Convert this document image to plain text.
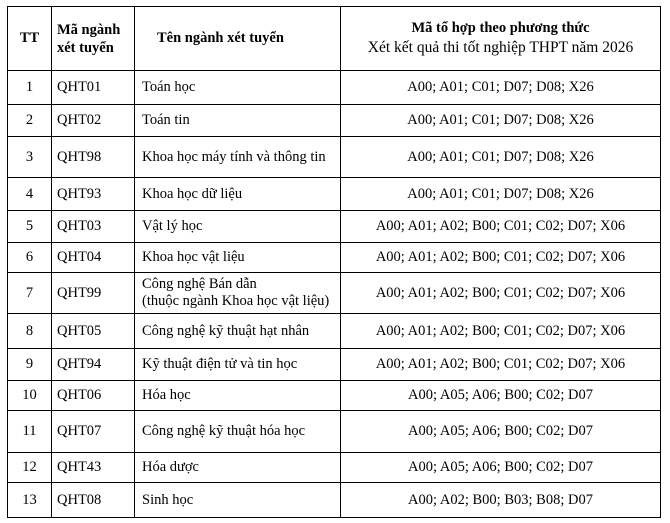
TT	Mã ngành xét tuyển	Tên ngành xét tuyển	Mã tổ hợp theo phương thức
Xét kết quả thi tốt nghiệp THPT năm 2026

1	QHT01	Toán học	A00; A01; C01; D07; D08; X26
2	QHT02	Toán tin	A00; A01; C01; D07; D08; X26
3	QHT98	Khoa học máy tính và thông tin	A00; A01; C01; D07; D08; X26
4	QHT93	Khoa học dữ liệu	A00; A01; C01; D07; D08; X26
5	QHT03	Vật lý học	A00; A01; A02; B00; C01; C02; D07; X06
6	QHT04	Khoa học vật liệu	A00; A01; A02; B00; C01; C02; D07; X06
7	QHT99	Công nghệ Bán dẫn
(thuộc ngành Khoa học vật liệu)	A00; A01; A02; B00; C01; C02; D07; X06
8	QHT05	Công nghệ kỹ thuật hạt nhân	A00; A01; A02; B00; C01; C02; D07; X06
9	QHT94	Kỹ thuật điện tử và tin học	A00; A01; A02; B00; C01; C02; D07; X06
10	QHT06	Hóa học	A00; A05; A06; B00; C02; D07
11	QHT07	Công nghệ kỹ thuật hóa học	A00; A05; A06; B00; C02; D07
12	QHT43	Hóa dược	A00; A05; A06; B00; C02; D07
13	QHT08	Sinh học	A00; A02; B00; B03; B08; D07
